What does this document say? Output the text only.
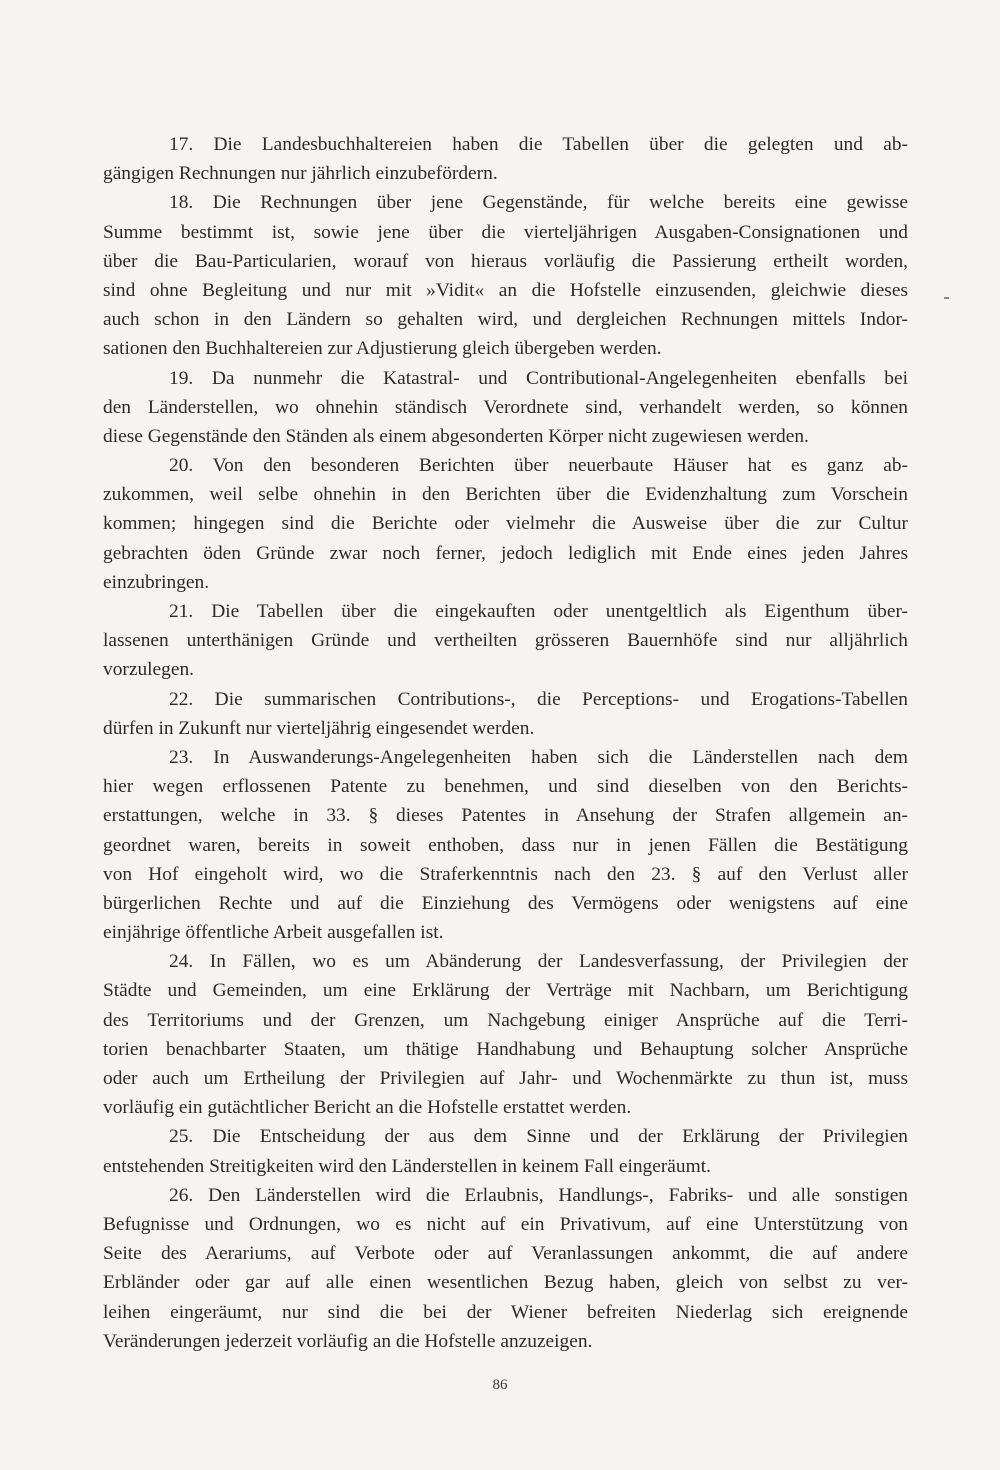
17. Die Landesbuchhaltereien haben die Tabellen über die gelegten und ab-
gängigen Rechnungen nur jährlich einzubefördern.
18. Die Rechnungen über jene Gegenstände, für welche bereits eine gewisse
Summe bestimmt ist, sowie jene über die vierteljährigen Ausgaben-Consignationen und
über die Bau-Particularien, worauf von hieraus vorläufig die Passierung ertheilt worden,
sind ohne Begleitung und nur mit »Vidit« an die Hofstelle einzusenden, gleichwie dieses
auch schon in den Ländern so gehalten wird, und dergleichen Rechnungen mittels Indor-
sationen den Buchhaltereien zur Adjustierung gleich übergeben werden.
19. Da nunmehr die Katastral- und Contributional-Angelegenheiten ebenfalls bei
den Länderstellen, wo ohnehin ständisch Verordnete sind, verhandelt werden, so können
diese Gegenstände den Ständen als einem abgesonderten Körper nicht zugewiesen werden.
20. Von den besonderen Berichten über neuerbaute Häuser hat es ganz ab-
zukommen, weil selbe ohnehin in den Berichten über die Evidenzhaltung zum Vorschein
kommen; hingegen sind die Berichte oder vielmehr die Ausweise über die zur Cultur
gebrachten öden Gründe zwar noch ferner, jedoch lediglich mit Ende eines jeden Jahres
einzubringen.
21. Die Tabellen über die eingekauften oder unentgeltlich als Eigenthum über-
lassenen unterthänigen Gründe und vertheilten grösseren Bauernhöfe sind nur alljährlich
vorzulegen.
22. Die summarischen Contributions-, die Perceptions- und Erogations-Tabellen
dürfen in Zukunft nur vierteljährig eingesendet werden.
23. In Auswanderungs-Angelegenheiten haben sich die Länderstellen nach dem
hier wegen erflossenen Patente zu benehmen, und sind dieselben von den Berichts-
erstattungen, welche in 33. § dieses Patentes in Ansehung der Strafen allgemein an-
geordnet waren, bereits in soweit enthoben, dass nur in jenen Fällen die Bestätigung
von Hof eingeholt wird, wo die Straferkenntnis nach den 23. § auf den Verlust aller
bürgerlichen Rechte und auf die Einziehung des Vermögens oder wenigstens auf eine
einjährige öffentliche Arbeit ausgefallen ist.
24. In Fällen, wo es um Abänderung der Landesverfassung, der Privilegien der
Städte und Gemeinden, um eine Erklärung der Verträge mit Nachbarn, um Berichtigung
des Territoriums und der Grenzen, um Nachgebung einiger Ansprüche auf die Terri-
torien benachbarter Staaten, um thätige Handhabung und Behauptung solcher Ansprüche
oder auch um Ertheilung der Privilegien auf Jahr- und Wochenmärkte zu thun ist, muss
vorläufig ein gutächtlicher Bericht an die Hofstelle erstattet werden.
25. Die Entscheidung der aus dem Sinne und der Erklärung der Privilegien
entstehenden Streitigkeiten wird den Länderstellen in keinem Fall eingeräumt.
26. Den Länderstellen wird die Erlaubnis, Handlungs-, Fabriks- und alle sonstigen
Befugnisse und Ordnungen, wo es nicht auf ein Privativum, auf eine Unterstützung von
Seite des Aerariums, auf Verbote oder auf Veranlassungen ankommt, die auf andere
Erbländer oder gar auf alle einen wesentlichen Bezug haben, gleich von selbst zu ver-
leihen eingeräumt, nur sind die bei der Wiener befreiten Niederlag sich ereignende
Veränderungen jederzeit vorläufig an die Hofstelle anzuzeigen.
86
